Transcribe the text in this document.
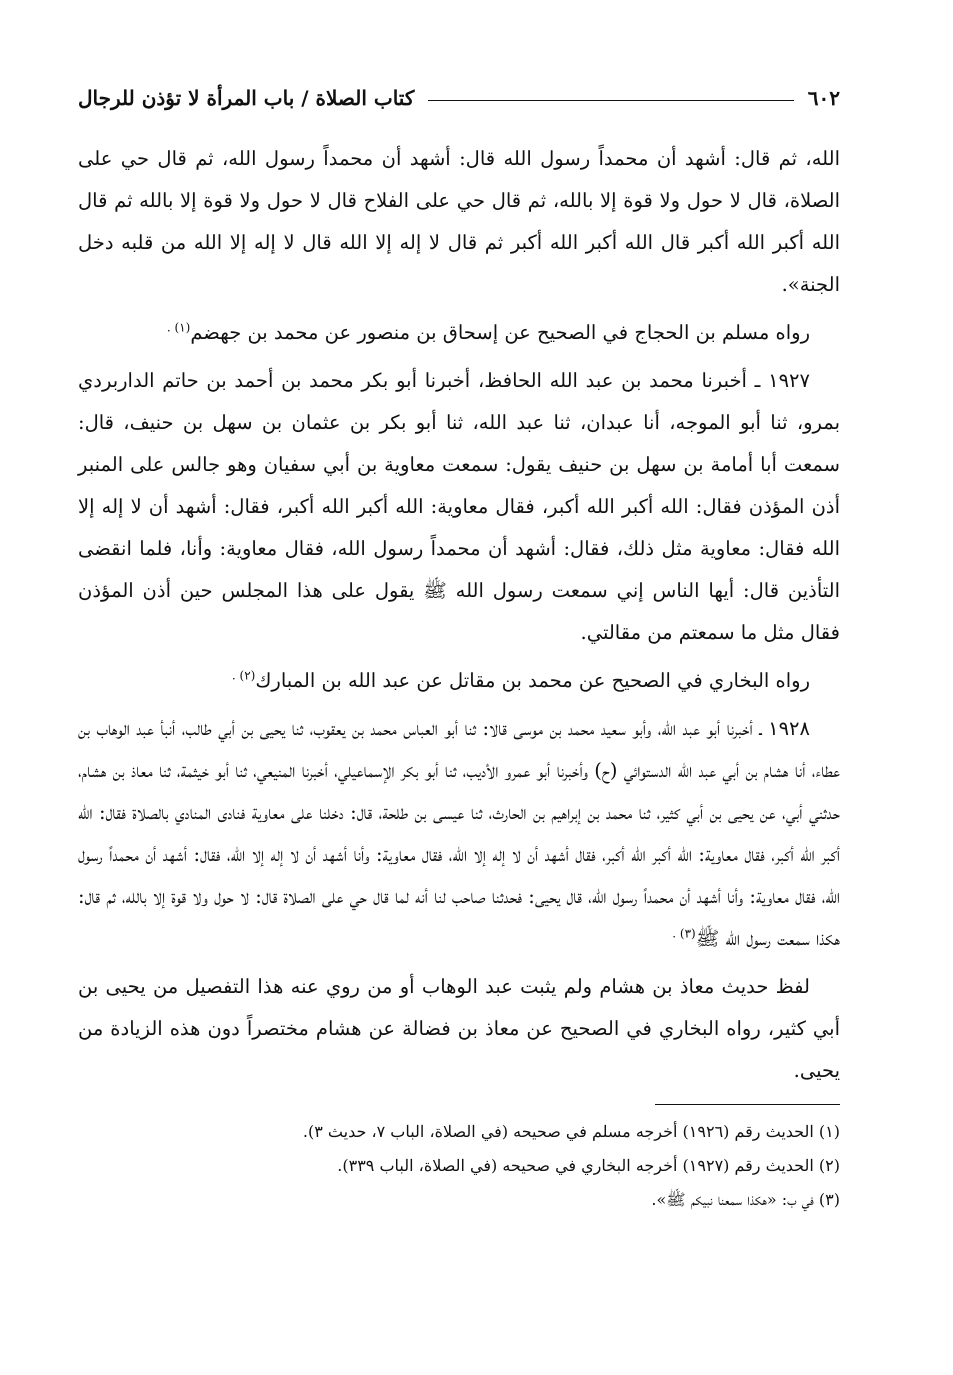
٦٠٢
كتاب الصلاة / باب المرأة لا تؤذن للرجال

الله، ثم قال: أشهد أن محمداً رسول الله قال: أشهد أن محمداً رسول الله، ثم قال حي على الصلاة، قال لا حول ولا قوة إلا بالله، ثم قال حي على الفلاح قال لا حول ولا قوة إلا بالله ثم قال الله أكبر الله أكبر قال الله أكبر الله أكبر ثم قال لا إله إلا الله قال لا إله إلا الله من قلبه دخل الجنة».

رواه مسلم بن الحجاج في الصحيح عن إسحاق بن منصور عن محمد بن جهضم$^{(١) .}$

١٩٢٧ ـ أخبرنا محمد بن عبد الله الحافظ، أخبرنا أبو بكر محمد بن أحمد بن حاتم الداربردي بمرو، ثنا أبو الموجه، أنا عبدان، ثنا عبد الله، ثنا أبو بكر بن عثمان بن سهل بن حنيف، قال: سمعت أبا أمامة بن سهل بن حنيف يقول: سمعت معاوية بن أبي سفيان وهو جالس على المنبر أذن المؤذن فقال: الله أكبر الله أكبر، فقال معاوية: الله أكبر الله أكبر، فقال: أشهد أن لا إله إلا الله فقال: معاوية مثل ذلك، فقال: أشهد أن محمداً رسول الله، فقال معاوية: وأنا، فلما انقضى التأذين قال: أيها الناس إني سمعت رسول الله ﷺ يقول على هذا المجلس حين أذن المؤذن فقال مثل ما سمعتم من مقالتي.

رواه البخاري في الصحيح عن محمد بن مقاتل عن عبد الله بن المبارك$^{(٢) .}$

١٩٢٨ ـ أخبرنا أبو عبد الله، وأبو سعيد محمد بن موسى قالا: ثنا أبو العباس محمد بن يعقوب، ثنا يحيى بن أبي طالب، أنبأ عبد الوهاب بن عطاء، أنا هشام بن أبي عبد الله الدستوائي (ح) وأخبرنا أبو عمرو الأديب، ثنا أبو بكر الإسماعيلي، أخبرنا المنيعي، ثنا أبو خيثمة، ثنا معاذ بن هشام، حدثني أبي، عن يحيى بن أبي كثير، ثنا محمد بن إبراهيم بن الحارث، ثنا عيسى بن طلحة، قال: دخلنا على معاوية فنادى المنادي بالصلاة فقال: الله أكبر الله أكبر، فقال معاوية: الله أكبر الله أكبر، فقال أشهد أن لا إله إلا الله، فقال معاوية: وأنا أشهد أن لا إله إلا الله، فقال: أشهد أن محمداً رسول الله، فقال معاوية: وأنا أشهد أن محمداً رسول الله، قال يحيى: فحدثنا صاحب لنا أنه لما قال حي على الصلاة قال: لا حول ولا قوة إلا بالله، ثم قال: هكذا سمعت رسول الله ﷺ$^{(٣) .}$

لفظ حديث معاذ بن هشام ولم يثبت عبد الوهاب أو من روي عنه هذا التفصيل من يحيى بن أبي كثير، رواه البخاري في الصحيح عن معاذ بن فضالة عن هشام مختصراً دون هذه الزيادة من يحيى.

(١) الحديث رقم (١٩٢٦) أخرجه مسلم في صحيحه (في الصلاة، الباب ٧، حديث ٣).

(٢) الحديث رقم (١٩٢٧) أخرجه البخاري في صحيحه (في الصلاة، الباب ٣٣٩).

(٣) في ب: «هكذا سمعنا نبيكم ﷺ».
